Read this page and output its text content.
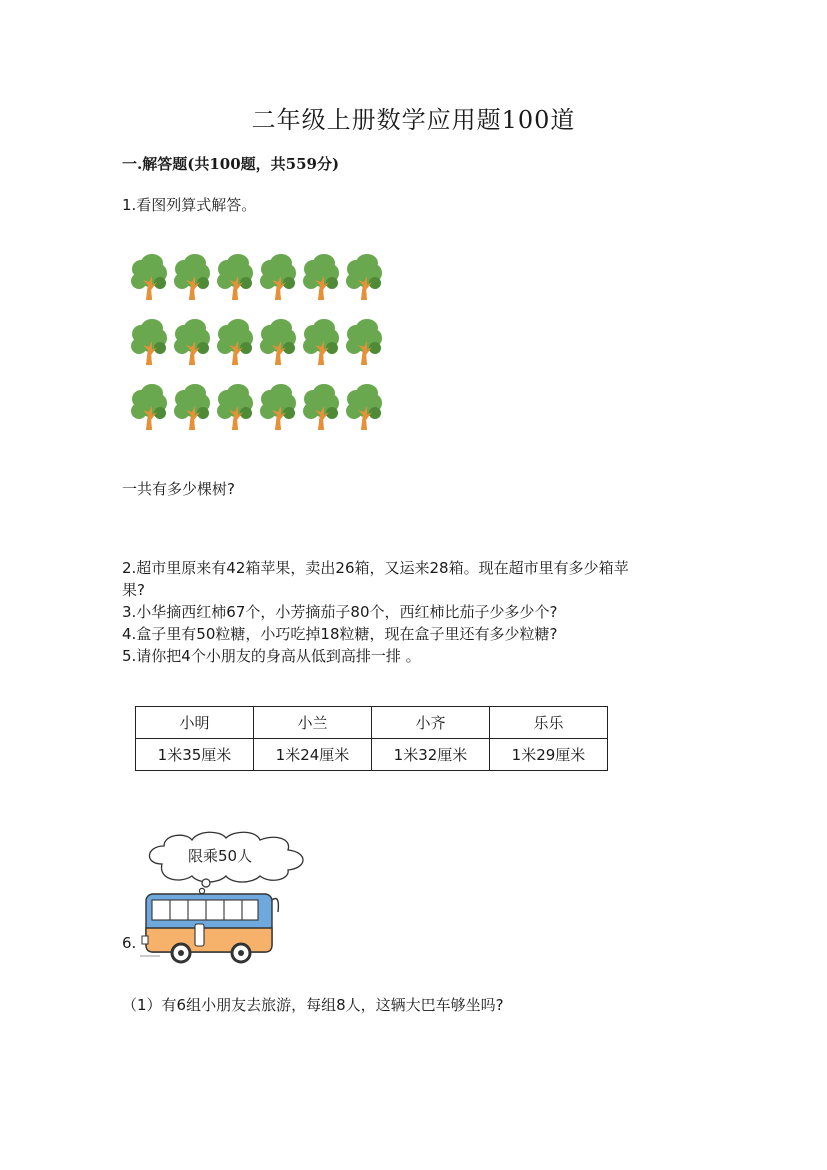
二年级上册数学应用题100道
一.解答题(共100题，共559分)
1.看图列算式解答。
一共有多少棵树?
2.超市里原来有42箱苹果，卖出26箱，又运来28箱。现在超市里有多少箱苹
果?
3.小华摘西红柿67个，小芳摘茄子80个，西红柿比茄子少多少个?
4.盒子里有50粒糖，小巧吃掉18粒糖，现在盒子里还有多少粒糖?
5.请你把4个小朋友的身高从低到高排一排 。
小明	小兰	小齐	乐乐
1米35厘米	1米24厘米	1米32厘米	1米29厘米
6.
限乘50人
（1）有6组小朋友去旅游，每组8人，这辆大巴车够坐吗?
